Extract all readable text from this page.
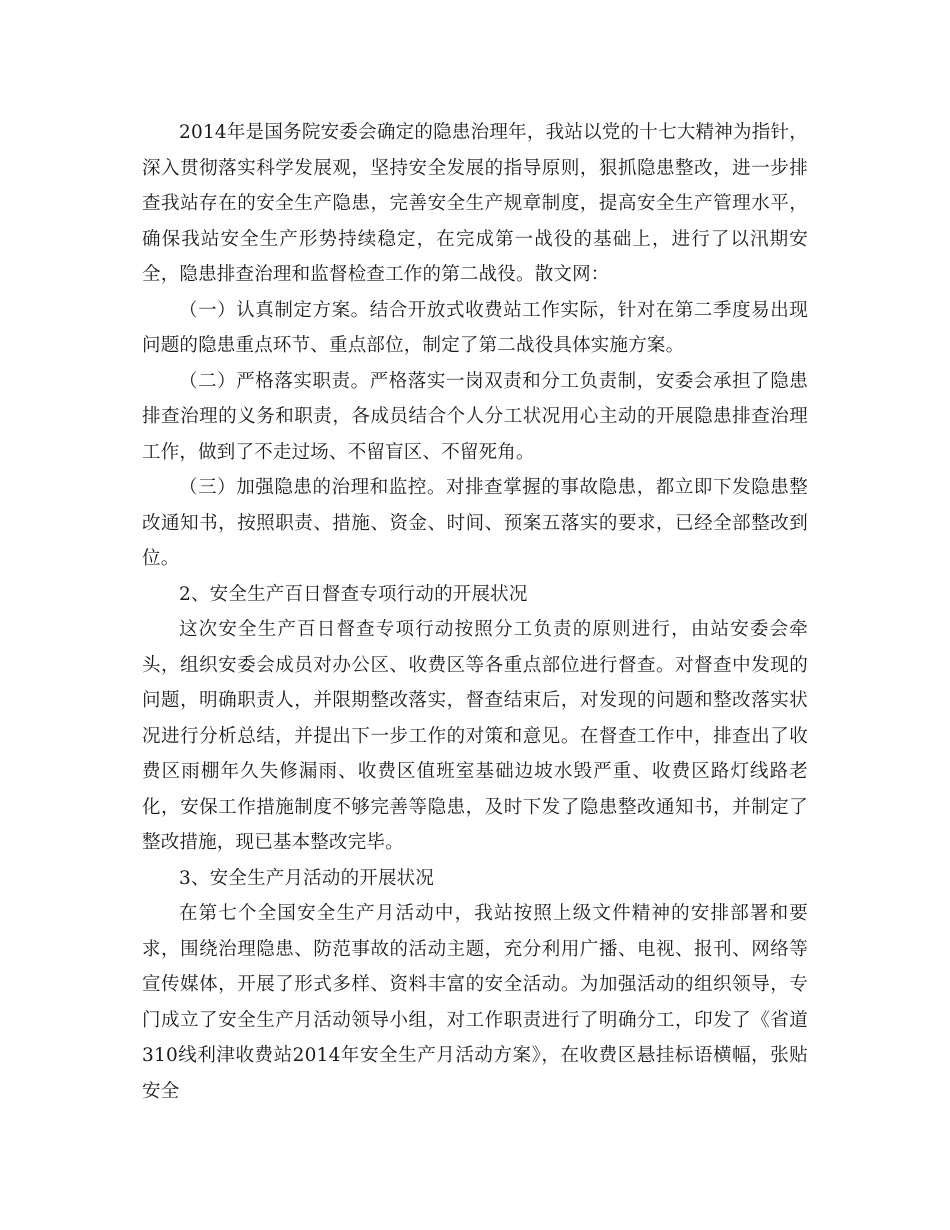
2014年是国务院安委会确定的隐患治理年，我站以党的十七大精神为指针，深入贯彻落实科学发展观，坚持安全发展的指导原则，狠抓隐患整改，进一步排查我站存在的安全生产隐患，完善安全生产规章制度，提高安全生产管理水平，确保我站安全生产形势持续稳定，在完成第一战役的基础上，进行了以汛期安全，隐患排查治理和监督检查工作的第二战役。散文网：

（一）认真制定方案。结合开放式收费站工作实际，针对在第二季度易出现问题的隐患重点环节、重点部位，制定了第二战役具体实施方案。

（二）严格落实职责。严格落实一岗双责和分工负责制，安委会承担了隐患排查治理的义务和职责，各成员结合个人分工状况用心主动的开展隐患排查治理工作，做到了不走过场、不留盲区、不留死角。

（三）加强隐患的治理和监控。对排查掌握的事故隐患，都立即下发隐患整改通知书，按照职责、措施、资金、时间、预案五落实的要求，已经全部整改到位。

2、安全生产百日督查专项行动的开展状况

这次安全生产百日督查专项行动按照分工负责的原则进行，由站安委会牵头，组织安委会成员对办公区、收费区等各重点部位进行督查。对督查中发现的问题，明确职责人，并限期整改落实，督查结束后，对发现的问题和整改落实状况进行分析总结，并提出下一步工作的对策和意见。在督查工作中，排查出了收费区雨棚年久失修漏雨、收费区值班室基础边坡水毁严重、收费区路灯线路老化，安保工作措施制度不够完善等隐患，及时下发了隐患整改通知书，并制定了整改措施，现已基本整改完毕。

3、安全生产月活动的开展状况

在第七个全国安全生产月活动中，我站按照上级文件精神的安排部署和要求，围绕治理隐患、防范事故的活动主题，充分利用广播、电视、报刊、网络等宣传媒体，开展了形式多样、资料丰富的安全活动。为加强活动的组织领导，专门成立了安全生产月活动领导小组，对工作职责进行了明确分工，印发了《省道310线利津收费站2014年安全生产月活动方案》，在收费区悬挂标语横幅，张贴安全
